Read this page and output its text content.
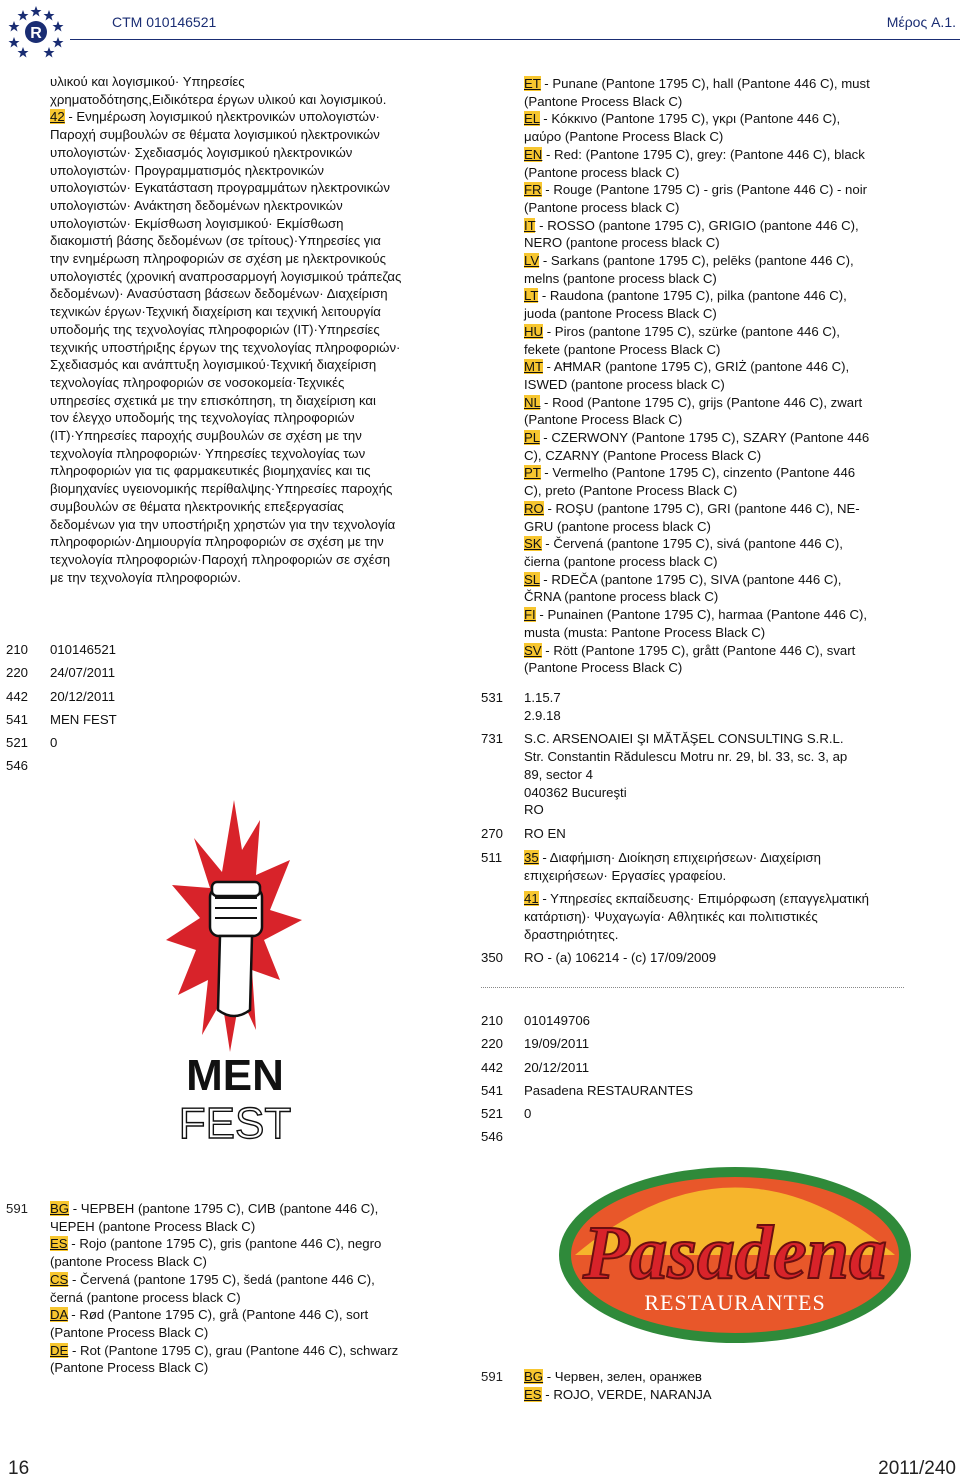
R
CTM 010146521	Μέρος A.1.
υλικού και λογισμικού· Υπηρεσίες
χρηματοδότησης,Ειδικότερα έργων υλικού και λογισμικού.
42 - Ενημέρωση λογισμικού ηλεκτρονικών υπολογιστών·
Παροχή συμβουλών σε θέματα λογισμικού ηλεκτρονικών
υπολογιστών· Σχεδιασμός λογισμικού ηλεκτρονικών
υπολογιστών· Προγραμματισμός ηλεκτρονικών
υπολογιστών· Εγκατάσταση προγραμμάτων ηλεκτρονικών
υπολογιστών· Ανάκτηση δεδομένων ηλεκτρονικών
υπολογιστών· Εκμίσθωση λογισμικού· Εκμίσθωση
διακομιστή βάσης δεδομένων (σε τρίτους)·Υπηρεσίες για
την ενημέρωση πληροφοριών σε σχέση με ηλεκτρονικούς
υπολογιστές (χρονική αναπροσαρμογή λογισμικού τράπεζας
δεδομένων)· Ανασύσταση βάσεων δεδομένων· Διαχείριση
τεχνικών έργων·Τεχνική διαχείριση και τεχνική λειτουργία
υποδομής της τεχνολογίας πληροφοριών (IT)·Υπηρεσίες
τεχνικής υποστήριξης έργων της τεχνολογίας πληροφοριών·
Σχεδιασμός και ανάπτυξη λογισμικού·Τεχνική διαχείριση
τεχνολογίας πληροφοριών σε νοσοκομεία·Τεχνικές
υπηρεσίες σχετικά με την επισκόπηση, τη διαχείριση και
τον έλεγχο υποδομής της τεχνολογίας πληροφοριών
(IT)·Υπηρεσίες παροχής συμβουλών σε σχέση με την
τεχνολογία πληροφοριών· Υπηρεσίες τεχνολογίας των
πληροφοριών για τις φαρμακευτικές βιομηχανίες και τις
βιομηχανίες υγειονομικής περίθαλψης·Υπηρεσίες παροχής
συμβουλών σε θέματα ηλεκτρονικής επεξεργασίας
δεδομένων για την υποστήριξη χρηστών για την τεχνολογία
πληροφοριών·Δημιουργία πληροφοριών σε σχέση με την
τεχνολογία πληροφοριών·Παροχή πληροφοριών σε σχέση
με την τεχνολογία πληροφοριών.
210 010146521
220 24/07/2011
442 20/12/2011
541 MEN FEST
521 0
546
MEN
FEST
591 BG - ЧЕРВЕН (pantone 1795 C), СИВ (pantone 446 C),
ЧЕРЕН (pantone Process Black C)
ES - Rojo (pantone 1795 C), gris (pantone 446 C), negro
(pantone Process Black C)
CS - Červená (pantone 1795 C), šedá (pantone 446 C),
černá (pantone process black C)
DA - Rød (Pantone 1795 C), grå (Pantone 446 C), sort
(Pantone Process Black C)
DE - Rot (Pantone 1795 C), grau (Pantone 446 C), schwarz
(Pantone Process Black C)
ET - Punane (Pantone 1795 C), hall (Pantone 446 C), must
(Pantone Process Black C)
EL - Κόκκινο (Pantone 1795 C), γκρι (Pantone 446 C),
μαύρο (Pantone Process Black C)
EN - Red: (Pantone 1795 C), grey: (Pantone 446 C), black
(Pantone process black C)
FR - Rouge (Pantone 1795 C) - gris (Pantone 446 C) - noir
(Pantone process black C)
IT - ROSSO (pantone 1795 C), GRIGIO (pantone 446 C),
NERO (pantone process black C)
LV - Sarkans (pantone 1795 C), pelēks (pantone 446 C),
melns (pantone process black C)
LT - Raudona (pantone 1795 C), pilka (pantone 446 C),
juoda (pantone Process Black C)
HU - Piros (pantone 1795 C), szürke (pantone 446 C),
fekete (pantone Process Black C)
MT - AĦMAR (pantone 1795 C), GRIŻ (pantone 446 C),
ISWED (pantone process black C)
NL - Rood (Pantone 1795 C), grijs (Pantone 446 C), zwart
(Pantone Process Black C)
PL - CZERWONY (Pantone 1795 C), SZARY (Pantone 446
C), CZARNY (Pantone Process Black C)
PT - Vermelho (Pantone 1795 C), cinzento (Pantone 446
C), preto (Pantone Process Black C)
RO - ROŞU (pantone 1795 C), GRI (pantone 446 C), NE-
GRU (pantone process black C)
SK - Červená (pantone 1795 C), sivá (pantone 446 C),
čierna (pantone process black C)
SL - RDEČA (pantone 1795 C), SIVA (pantone 446 C),
ČRNA (pantone process black C)
FI - Punainen (Pantone 1795 C), harmaa (Pantone 446 C),
musta (musta: Pantone Process Black C)
SV - Rött (Pantone 1795 C), grått (Pantone 446 C), svart
(Pantone Process Black C)
531 1.15.7
2.9.18
731 S.C. ARSENOAIEI ŞI MĂTĂŞEL CONSULTING S.R.L.
Str. Constantin Rădulescu Motru nr. 29, bl. 33, sc. 3, ap
89, sector 4
040362 Bucureşti
RO
270 RO EN
511 35 - Διαφήμιση· Διοίκηση επιχειρήσεων· Διαχείριση
επιχειρήσεων· Εργασίες γραφείου.
41 - Υπηρεσίες εκπαίδευσης· Επιμόρφωση (επαγγελματική
κατάρτιση)· Ψυχαγωγία· Αθλητικές και πολιτιστικές
δραστηριότητες.
350 RO - (a) 106214 - (c) 17/09/2009
210 010149706
220 19/09/2011
442 20/12/2011
541 Pasadena RESTAURANTES
521 0
546
Pasadena
RESTAURANTES
591 BG - Червен, зелен, оранжев
ES - ROJO, VERDE, NARANJA
16	2011/240
